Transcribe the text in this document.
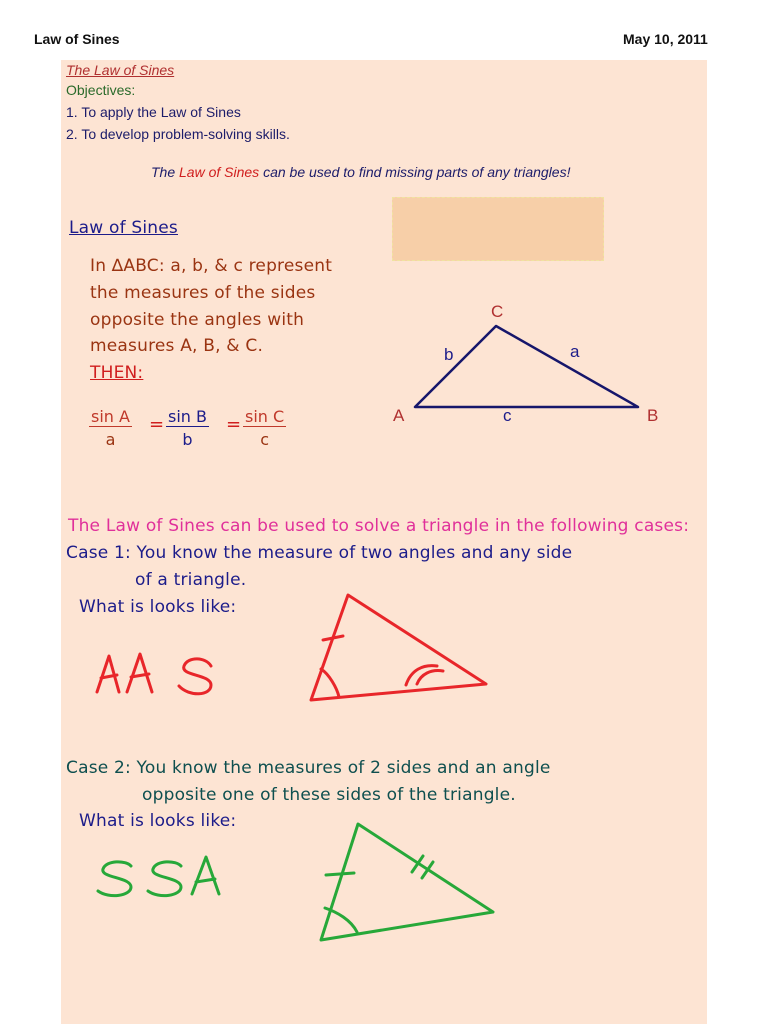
Law of Sines	May 10, 2011
The Law of Sines
Objectives:
1. To apply the Law of Sines
2. To develop problem-solving skills.
The Law of Sines can be used to find missing parts of any triangles!
Law of Sines
In ∆ABC: a, b, & c represent
the measures of the sides
opposite the angles with
measures A, B, & C.
THEN:
$\frac{\text{sin A}}{a} = \frac{\text{sin B}}{b} = \frac{\text{sin C}}{c}$
The Law of Sines can be used to solve a triangle in the following cases:
Case 1: You know the measure of two angles and any side
of a triangle.
What is looks like:
Case 2: You know the measures of 2 sides and an angle
opposite one of these sides of the triangle.
What is looks like:
A	B
C
b	a
c
